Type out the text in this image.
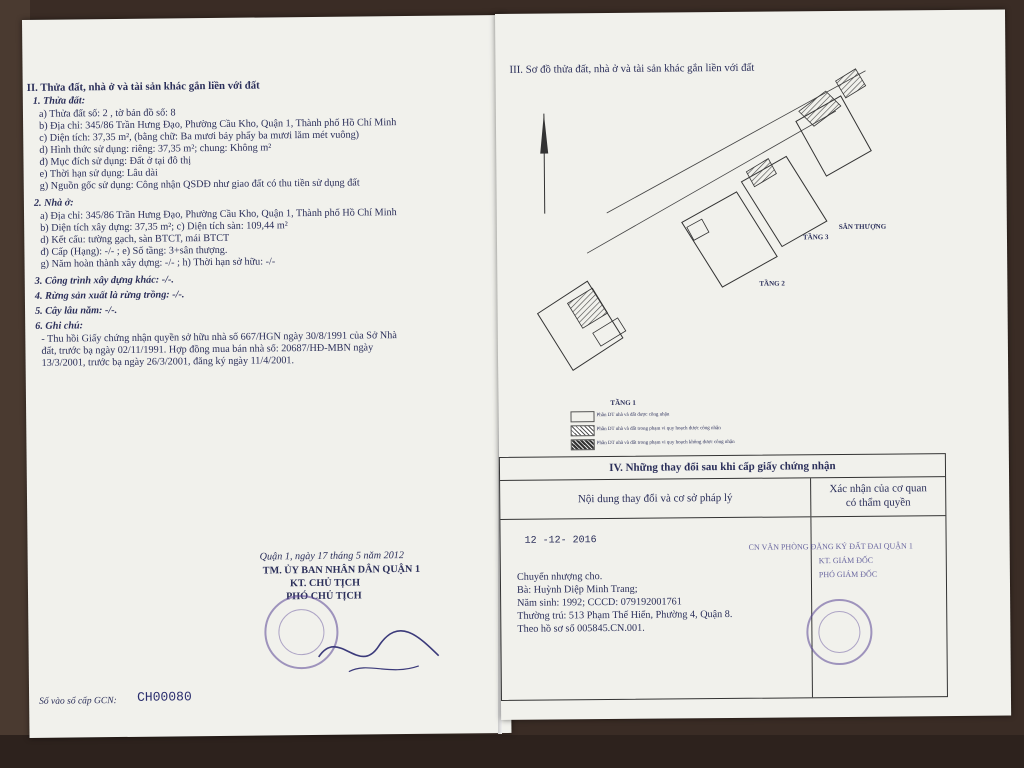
II. Thửa đất, nhà ở và tài sản khác gắn liền với đất
1. Thửa đất:
a) Thửa đất số: 2 , tờ bản đồ số: 8
b) Địa chỉ: 345/86 Trần Hưng Đạo, Phường Cầu Kho, Quận 1, Thành phố Hồ Chí Minh
c) Diện tích: 37,35 m², (bằng chữ: Ba mươi bảy phẩy ba mươi lăm mét vuông)
d) Hình thức sử dụng: riêng: 37,35 m²; chung: Không m²
đ) Mục đích sử dụng: Đất ở tại đô thị
e) Thời hạn sử dụng: Lâu dài
g) Nguồn gốc sử dụng: Công nhận QSDĐ như giao đất có thu tiền sử dụng đất
2. Nhà ở:
a) Địa chỉ: 345/86 Trần Hưng Đạo, Phường Cầu Kho, Quận 1, Thành phố Hồ Chí Minh
b) Diện tích xây dựng: 37,35 m²; c) Diện tích sàn: 109,44 m²
d) Kết cấu: tường gạch, sàn BTCT, mái BTCT
đ) Cấp (Hạng): -/- ; e) Số tầng: 3+sân thượng.
g) Năm hoàn thành xây dựng: -/- ; h) Thời hạn sở hữu: -/-
3. Công trình xây dựng khác: -/-.
4. Rừng sản xuất là rừng trồng: -/-.
5. Cây lâu năm: -/-.
6. Ghi chú:
- Thu hồi Giấy chứng nhận quyền sở hữu nhà số 667/HGN ngày 30/8/1991 của Sở Nhà
đất, trước bạ ngày 02/11/1991. Hợp đồng mua bán nhà số: 20687/HĐ-MBN ngày
13/3/2001, trước bạ ngày 26/3/2001, đăng ký ngày 11/4/2001.
Quận 1, ngày 17 tháng 5 năm 2012
TM. ỦY BAN NHÂN DÂN QUẬN 1
KT. CHỦ TỊCH
PHÓ CHỦ TỊCH
Số vào sổ cấp GCN: CH00080
III. Sơ đồ thửa đất, nhà ở và tài sản khác gắn liền với đất
TẦNG 1
TẦNG 2
TẦNG 3
SÂN THƯỢNG
Phần DT nhà và đất được công nhận
Phần DT nhà và đất trong phạm vi quy hoạch được công nhận
Phần DT nhà và đất trong phạm vi quy hoạch không được công nhận
IV. Những thay đổi sau khi cấp giấy chứng nhận
Nội dung thay đổi và cơ sở pháp lý
Xác nhận của cơ quan
có thẩm quyền
12 -12- 2016
Chuyển nhượng cho.
Bà: Huỳnh Diệp Minh Trang;
Năm sinh: 1992; CCCD: 079192001761
Thường trú: 513 Phạm Thế Hiển, Phường 4, Quận 8.
Theo hồ sơ số 005845.CN.001.
CN VĂN PHÒNG ĐĂNG KÝ ĐẤT ĐAI QUẬN 1
KT. GIÁM ĐỐC
PHÓ GIÁM ĐỐC
